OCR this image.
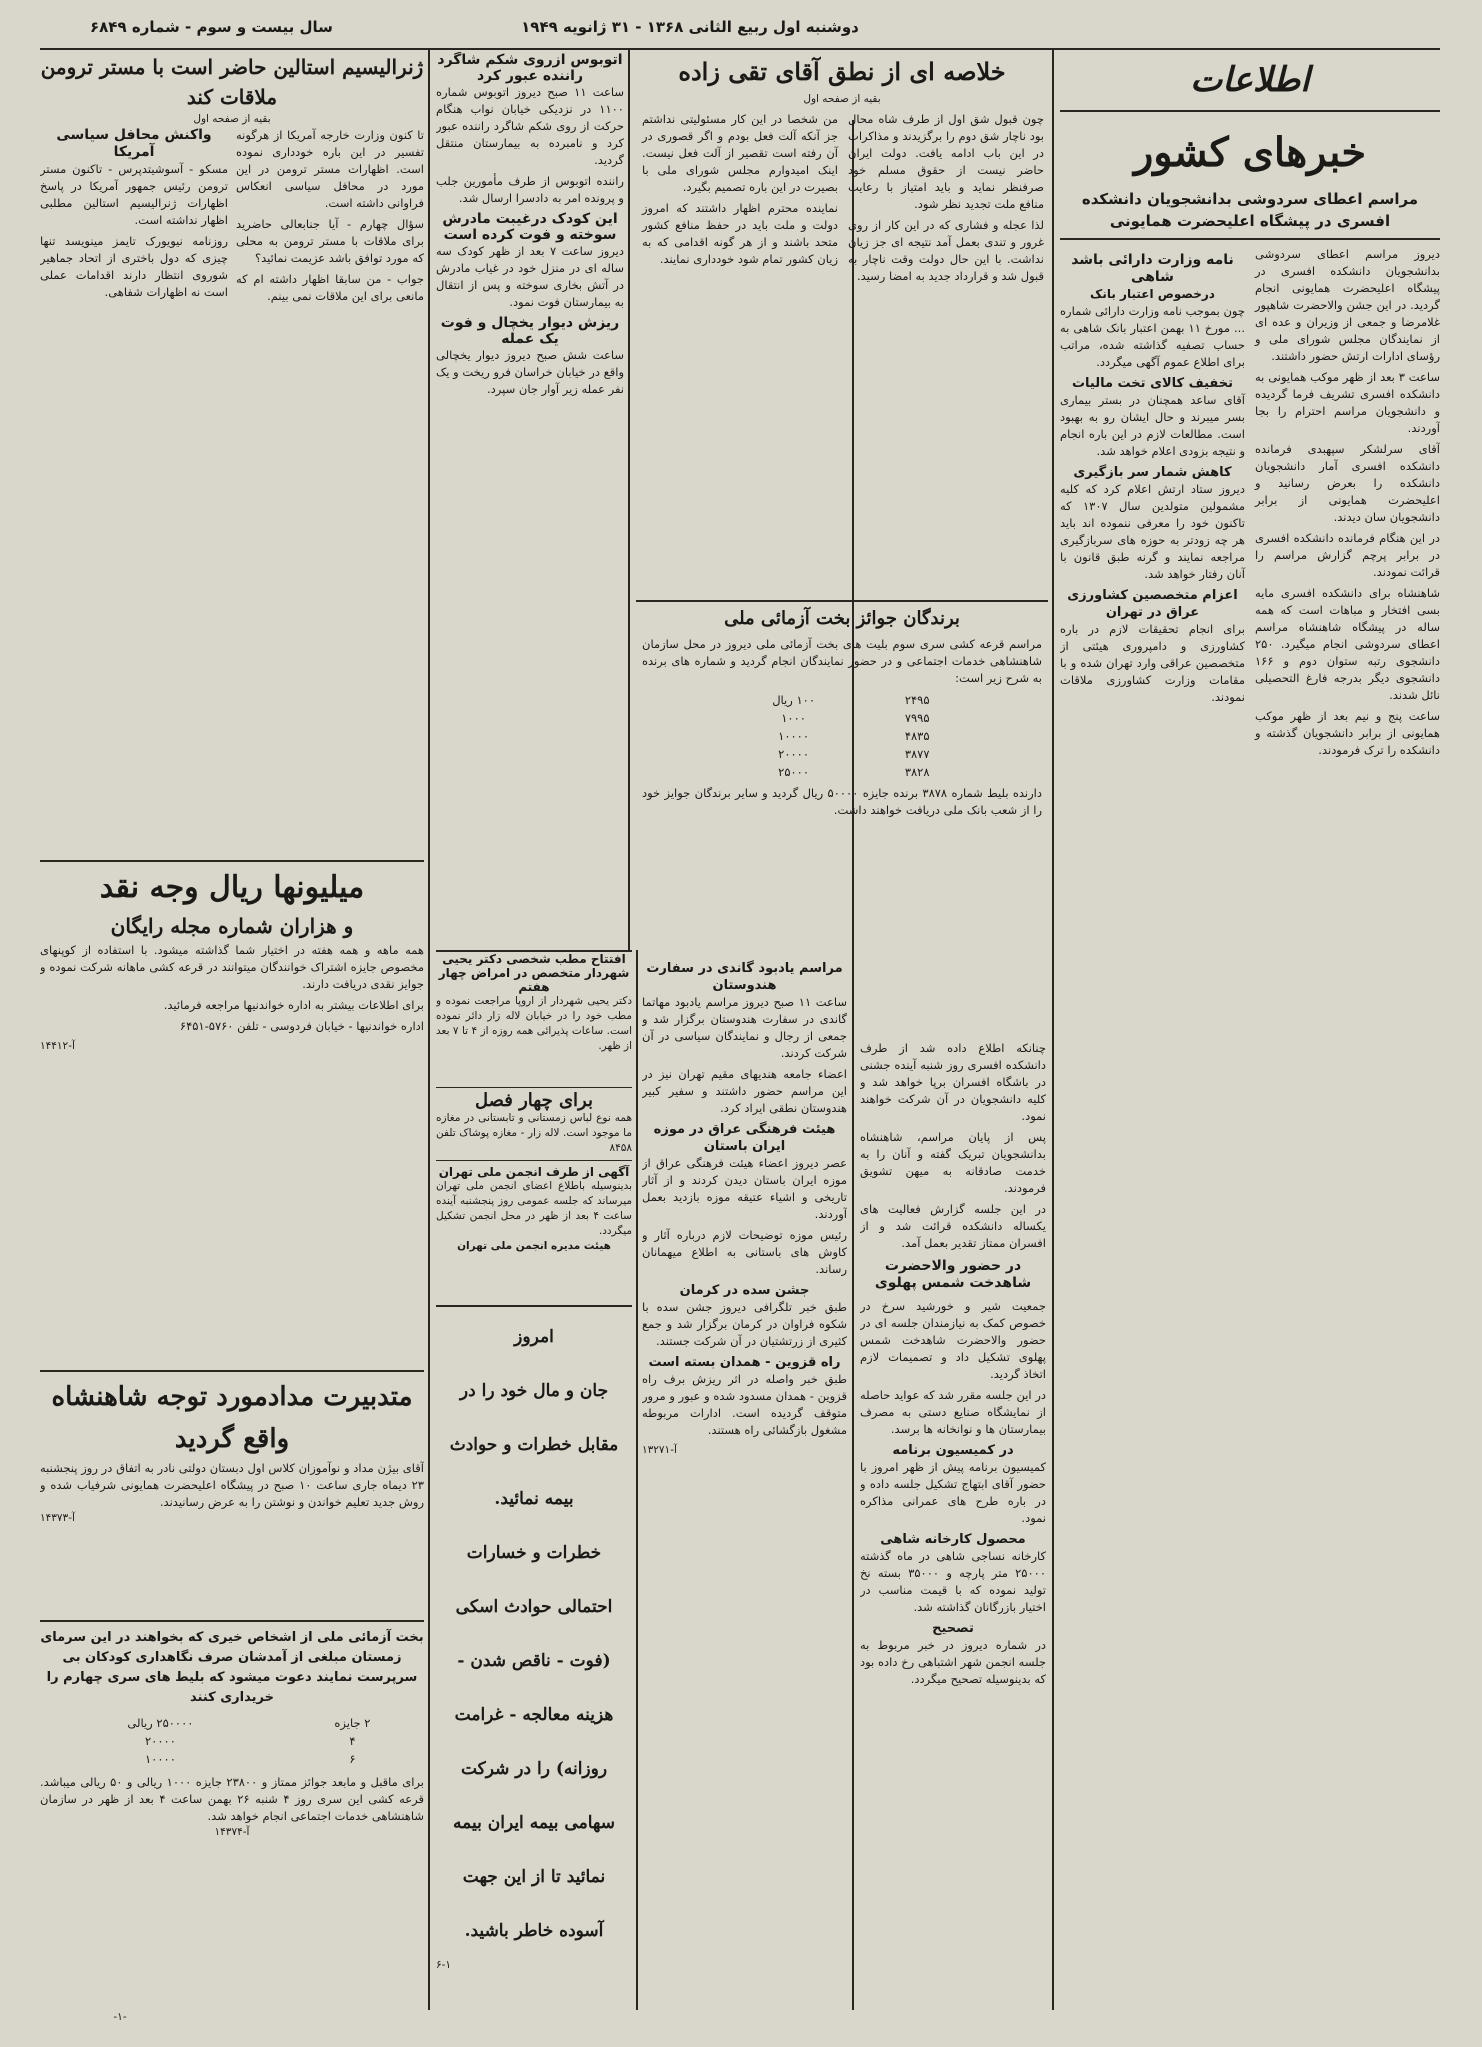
سال بیست و سوم - شماره ۶۸۴۹	دوشنبه اول ربیع الثانی ۱۳۶۸ - ۳۱ ژانویه ۱۹۴۹
اطلاعات
خبرهای کشور
مراسم اعطای سردوشی بدانشجویان دانشکده افسری در پیشگاه اعلیحضرت همایونی

دیروز مراسم اعطای سردوشی بدانشجویان دانشکده افسری در پیشگاه اعلیحضرت همایونی انجام گردید. در این جشن والاحضرت شاهپور غلامرضا و جمعی از وزیران و عده ای از نمایندگان مجلس شورای ملی و رؤسای ادارات ارتش حضور داشتند.

ساعت ۳ بعد از ظهر موکب همایونی به دانشکده افسری تشریف فرما گردیده و دانشجویان مراسم احترام را بجا آوردند.

آقای سرلشکر سپهبدی فرمانده دانشکده افسری آمار دانشجویان دانشکده را بعرض رسانید و اعلیحضرت همایونی از برابر دانشجویان سان دیدند.

در این هنگام فرمانده دانشکده افسری در برابر پرچم گزارش مراسم را قرائت نمودند.

شاهنشاه برای دانشکده افسری مایه بسی افتخار و مباهات است که همه ساله در پیشگاه شاهنشاه مراسم اعطای سردوشی انجام میگیرد. ۲۵۰ دانشجوی رتبه ستوان دوم و ۱۶۶ دانشجوی دیگر بدرجه فارغ التحصیلی نائل شدند.

ساعت پنج و نیم بعد از ظهر موکب همایونی از برابر دانشجویان گذشته و دانشکده را ترک فرمودند.

نامه وزارت دارائی باشد شاهی
درخصوص اعتبار بانک

چون بموجب نامه وزارت دارائی شماره ... مورخ ۱۱ بهمن اعتبار بانک شاهی به حساب تصفیه گذاشته شده، مراتب برای اطلاع عموم آگهی میگردد.

تخفیف کالای تخت مالیات

آقای ساعد همچنان در بستر بیماری بسر میبرند و حال ایشان رو به بهبود است. مطالعات لازم در این باره انجام و نتیجه بزودی اعلام خواهد شد.

کاهش شمار سر بازگیری

دیروز ستاد ارتش اعلام کرد که کلیه مشمولین متولدین سال ۱۳۰۷ که تاکنون خود را معرفی ننموده اند باید هر چه زودتر به حوزه های سربازگیری مراجعه نمایند و گرنه طبق قانون با آنان رفتار خواهد شد.

اعزام متخصصین کشاورزی عراق در تهران

برای انجام تحقیقات لازم در باره کشاورزی و دامپروری هیئتی از متخصصین عراقی وارد تهران شده و با مقامات وزارت کشاورزی ملاقات نمودند.

-۱-

چنانکه اطلاع داده شد از طرف دانشکده افسری روز شنبه آینده جشنی در باشگاه افسران برپا خواهد شد و کلیه دانشجویان در آن شرکت خواهند نمود.

پس از پایان مراسم، شاهنشاه بدانشجویان تبریک گفته و آنان را به خدمت صادقانه به میهن تشویق فرمودند.

در این جلسه گزارش فعالیت های یکساله دانشکده قرائت شد و از افسران ممتاز تقدیر بعمل آمد.

در حضور والاحضرت شاهدخت شمس پهلوی

جمعیت شیر و خورشید سرخ در خصوص کمک به نیازمندان جلسه ای در حضور والاحضرت شاهدخت شمس پهلوی تشکیل داد و تصمیمات لازم اتخاذ گردید.

در این جلسه مقرر شد که عواید حاصله از نمایشگاه صنایع دستی به مصرف بیمارستان ها و نوانخانه ها برسد.

در کمیسیون برنامه

کمیسیون برنامه پیش از ظهر امروز با حضور آقای ابتهاج تشکیل جلسه داده و در باره طرح های عمرانی مذاکره نمود.

محصول کارخانه شاهی

کارخانه نساجی شاهی در ماه گذشته ۲۵۰۰۰ متر پارچه و ۳۵۰۰۰ بسته نخ تولید نموده که با قیمت مناسب در اختیار بازرگانان گذاشته شد.

تصحیح

در شماره دیروز در خبر مربوط به جلسه انجمن شهر اشتباهی رخ داده بود که بدینوسیله تصحیح میگردد.

خلاصه ای از نطق آقای تقی زاده
بقیه از صفحه اول

چون قبول شق اول از طرف شاه محال بود ناچار شق دوم را برگزیدند و مذاکرات در این باب ادامه یافت. دولت ایران حاضر نیست از حقوق مسلم خود صرفنظر نماید و باید امتیاز با رعایت منافع ملت تجدید نظر شود.

لذا عجله و فشاری که در این کار از روی غرور و تندی بعمل آمد نتیجه ای جز زیان نداشت. با این حال دولت وقت ناچار به قبول شد و قرارداد جدید به امضا رسید.

من شخصا در این کار مسئولیتی نداشتم جز آنکه آلت فعل بودم و اگر قصوری در آن رفته است تقصیر از آلت فعل نیست. اینک امیدوارم مجلس شورای ملی با بصیرت در این باره تصمیم بگیرد.

نماینده محترم اظهار داشتند که امروز دولت و ملت باید در حفظ منافع کشور متحد باشند و از هر گونه اقدامی که به زیان کشور تمام شود خودداری نمایند.

برندگان جوائز بخت آزمائی ملی
مراسم قرعه کشی سری سوم بلیت های بخت آزمائی ملی دیروز در محل سازمان شاهنشاهی خدمات اجتماعی و در حضور نمایندگان انجام گردید و شماره های برنده به شرح زیر است:
۲۴۹۵	۱۰۰ ریال
۷۹۹۵	۱۰۰۰
۴۸۳۵	۱۰۰۰۰
۳۸۷۷	۲۰۰۰۰
۳۸۲۸	۲۵۰۰۰
دارنده بلیط شماره ۳۸۷۸ برنده جایزه ۵۰۰۰۰ ریال گردید و سایر برندگان جوایز خود را از شعب بانک ملی دریافت خواهند داشت.
مراسم یادبود گاندی در سفارت هندوستان

ساعت ۱۱ صبح دیروز مراسم یادبود مهاتما گاندی در سفارت هندوستان برگزار شد و جمعی از رجال و نمایندگان سیاسی در آن شرکت کردند.

اعضاء جامعه هندیهای مقیم تهران نیز در این مراسم حضور داشتند و سفیر کبیر هندوستان نطقی ایراد کرد.

هیئت فرهنگی عراق در موزه ایران باستان

عصر دیروز اعضاء هیئت فرهنگی عراق از موزه ایران باستان دیدن کردند و از آثار تاریخی و اشیاء عتیقه موزه بازدید بعمل آوردند.

رئیس موزه توضیحات لازم درباره آثار و کاوش های باستانی به اطلاع میهمانان رساند.

جشن سده در کرمان

طبق خبر تلگرافی دیروز جشن سده با شکوه فراوان در کرمان برگزار شد و جمع کثیری از زرتشتیان در آن شرکت جستند.

راه قزوین - همدان بسته است

طبق خبر واصله در اثر ریزش برف راه قزوین - همدان مسدود شده و عبور و مرور متوقف گردیده است. ادارات مربوطه مشغول بازگشائی راه هستند.

آ-۱۳۲۷۱
اتوبوس ازروی شکم شاگرد راننده عبور کرد

ساعت ۱۱ صبح دیروز اتوبوس شماره ۱۱۰۰ در نزدیکی خیابان نواب هنگام حرکت از روی شکم شاگرد راننده عبور کرد و نامبرده به بیمارستان منتقل گردید.

راننده اتوبوس از طرف مأمورین جلب و پرونده امر به دادسرا ارسال شد.

این کودک درغیبت مادرش سوخته و فوت کرده است

دیروز ساعت ۷ بعد از ظهر کودک سه ساله ای در منزل خود در غیاب مادرش در آتش بخاری سوخته و پس از انتقال به بیمارستان فوت نمود.

ریزش دیوار یخچال و فوت یک عمله

ساعت شش صبح دیروز دیوار یخچالی واقع در خیابان خراسان فرو ریخت و یک نفر عمله زیر آوار جان سپرد.

افتتاح مطب شخصی دکتر یحیی شهردار متخصص در امراض چهار هفتم
دکتر یحیی شهردار از اروپا مراجعت نموده و مطب خود را در خیابان لاله زار دائر نموده است. ساعات پذیرائی همه روزه از ۴ تا ۷ بعد از ظهر.
برای چهار فصل
همه نوع لباس زمستانی و تابستانی در مغازه ما موجود است. لاله زار - مغازه پوشاک تلفن ۸۴۵۸
آگهی از طرف انجمن ملی تهران
بدینوسیله باطلاع اعضای انجمن ملی تهران میرساند که جلسه عمومی روز پنجشنبه آینده ساعت ۴ بعد از ظهر در محل انجمن تشکیل میگردد.
هیئت مدیره انجمن ملی تهران
امروز
جان و مال خود را در
مقابل خطرات و حوادث
بیمه نمائید.
خطرات و خسارات
احتمالی حوادث اسکی
(فوت - ناقص شدن -
هزینه معالجه - غرامت
روزانه) را در شرکت
سهامی بیمه ایران بیمه
نمائید تا از این جهت
آسوده خاطر باشید.
۶-۱
ژنرالیسیم استالین حاضر است با مستر ترومن ملاقات کند
بقیه از صفحه اول

تا کنون وزارت خارجه آمریکا از هرگونه تفسیر در این باره خودداری نموده است. اظهارات مستر ترومن در این مورد در محافل سیاسی انعکاس فراوانی داشته است.

سؤال چهارم - آیا جنابعالی حاضرید برای ملاقات با مستر ترومن به محلی که مورد توافق باشد عزیمت نمائید؟

جواب - من سابقا اظهار داشته ام که مانعی برای این ملاقات نمی بینم.

واکنش محافل سیاسی آمریکا

مسکو - آسوشیتدپرس - تاکنون مستر ترومن رئیس جمهور آمریکا در پاسخ اظهارات ژنرالیسیم استالین مطلبی اظهار نداشته است.

روزنامه نیویورک تایمز مینویسد تنها چیزی که دول باختری از اتحاد جماهیر شوروی انتظار دارند اقدامات عملی است نه اظهارات شفاهی.

میلیونها ریال وجه نقد
و هزاران شماره مجله رایگان

همه ماهه و همه هفته در اختیار شما گذاشته میشود. با استفاده از کوپنهای مخصوص جایزه اشتراک خوانندگان میتوانند در قرعه کشی ماهانه شرکت نموده و جوایز نقدی دریافت دارند.

برای اطلاعات بیشتر به اداره خواندنیها مراجعه فرمائید.

اداره خواندنیها - خیابان فردوسی - تلفن ۵۷۶۰-۶۴۵۱

آ-۱۴۴۱۲
متدبیرت مدادمورد توجه شاهنشاه واقع گردید
آقای بیژن مداد و نوآموزان کلاس اول دبستان دولتی نادر به اتفاق در روز پنجشنبه ۲۳ دیماه جاری ساعت ۱۰ صبح در پیشگاه اعلیحضرت همایونی شرفیاب شده و روش جدید تعلیم خواندن و نوشتن را به عرض رسانیدند.
آ-۱۴۳۷۳
بخت آزمائی ملی از اشخاص خیری که بخواهند در این سرمای زمستان مبلغی از آمدشان صرف نگاهداری کودکان بی سرپرست نمایند دعوت میشود که بلیط های سری چهارم را خریداری کنند
۲ جایزه	۲۵۰۰۰۰ ریالی
۴	۲۰۰۰۰
۶	۱۰۰۰۰
برای ماقبل و مابعد جوائز ممتاز و ۲۳۸۰۰ جایزه ۱۰۰۰ ریالی و ۵۰ ریالی میباشد. قرعه کشی این سری روز ۴ شنبه ۲۶ بهمن ساعت ۴ بعد از ظهر در سازمان شاهنشاهی خدمات اجتماعی انجام خواهد شد.
آ-۱۴۳۷۴
